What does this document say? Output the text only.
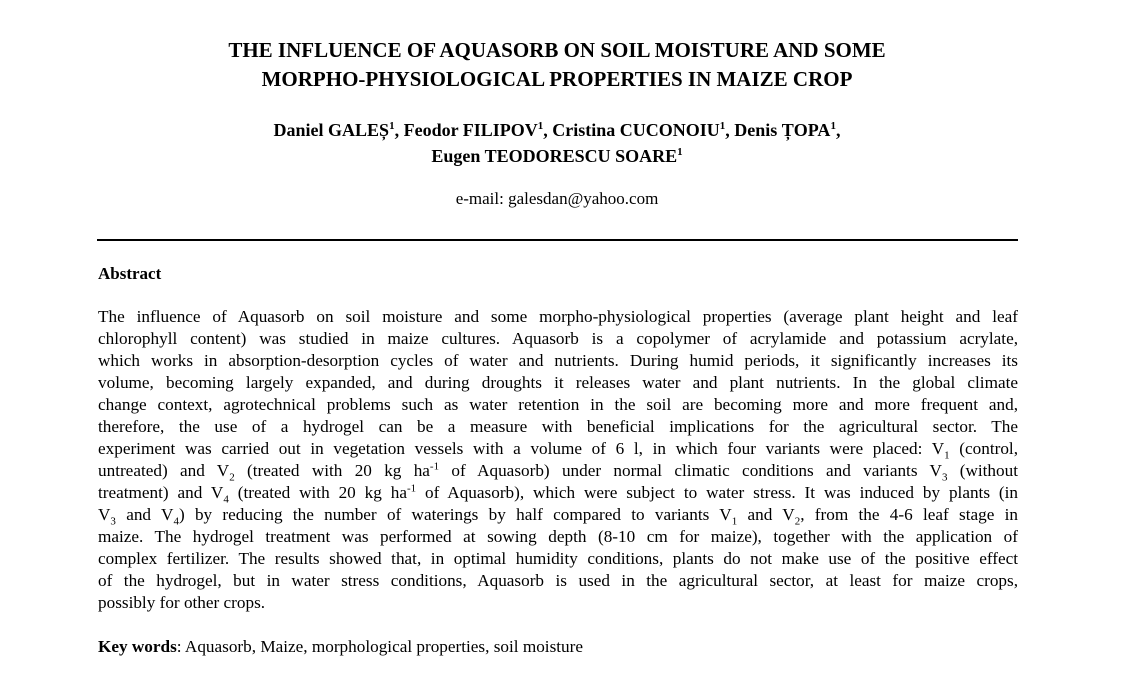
THE INFLUENCE OF AQUASORB ON SOIL MOISTURE AND SOME
MORPHO-PHYSIOLOGICAL PROPERTIES IN MAIZE CROP
Daniel GALEȘ$^1$, Feodor FILIPOV$^1$, Cristina CUCONOIU$^1$, Denis ȚOPA$^1$,
Eugen TEODORESCU SOARE$^1$
e-mail: galesdan@yahoo.com
Abstract
The influence of Aquasorb on soil moisture and some morpho-physiological properties (average plant height and leaf
chlorophyll content) was studied in maize cultures. Aquasorb is a copolymer of acrylamide and potassium acrylate,
which works in absorption-desorption cycles of water and nutrients. During humid periods, it significantly increases its
volume, becoming largely expanded, and during droughts it releases water and plant nutrients. In the global climate
change context, agrotechnical problems such as water retention in the soil are becoming more and more frequent and,
therefore, the use of a hydrogel can be a measure with beneficial implications for the agricultural sector. The
experiment was carried out in vegetation vessels with a volume of 6 l, in which four variants were placed: $V_1$ (control,
untreated) and $V_2$ (treated with 20 kg $ha^{-1}$ of Aquasorb) under normal climatic conditions and variants $V_3$ (without
treatment) and $V_4$ (treated with 20 kg $ha^{-1}$ of Aquasorb), which were subject to water stress. It was induced by plants (in
$V_3$ and $V_4$) by reducing the number of waterings by half compared to variants $V_1$ and $V_2$, from the 4-6 leaf stage in
maize. The hydrogel treatment was performed at sowing depth (8-10 cm for maize), together with the application of
complex fertilizer. The results showed that, in optimal humidity conditions, plants do not make use of the positive effect
of the hydrogel, but in water stress conditions, Aquasorb is used in the agricultural sector, at least for maize crops,
possibly for other crops.
Key words: Aquasorb, Maize, morphological properties, soil moisture
